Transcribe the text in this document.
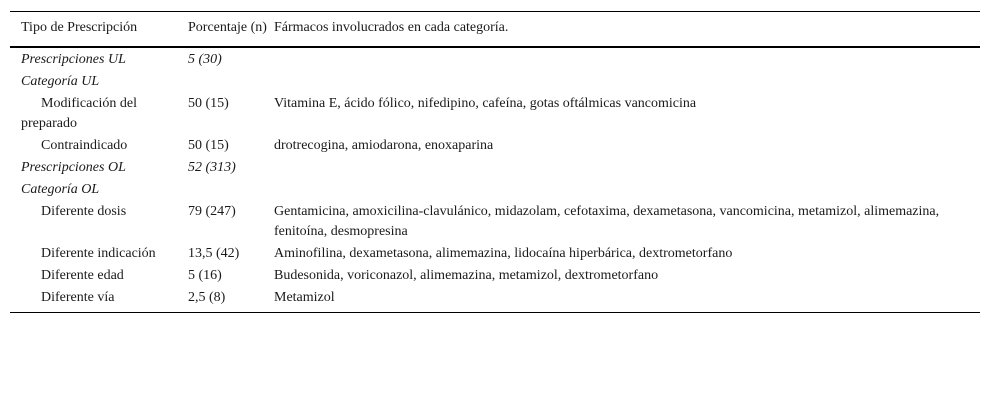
Tipo de Prescripción	Porcentaje (n)	Fármacos involucrados en cada categoría.
Prescripciones UL	5 (30)	
Categoría UL		
Modificación del preparado	50 (15)	Vitamina E, ácido fólico, nifedipino, cafeína, gotas oftálmicas vancomicina
Contraindicado	50 (15)	drotrecogina, amiodarona, enoxaparina
Prescripciones OL	52 (313)	
Categoría OL		
Diferente dosis	79 (247)	Gentamicina, amoxicilina-clavulánico, midazolam, cefotaxima, dexametasona, vancomicina, metamizol, alimemazina, fenitoína, desmopresina
Diferente indicación	13,5 (42)	Aminofilina, dexametasona, alimemazina, lidocaína hiperbárica, dextrometorfano
Diferente edad	5 (16)	Budesonida, voriconazol, alimemazina, metamizol, dextrometorfano
Diferente vía	2,5 (8)	Metamizol
